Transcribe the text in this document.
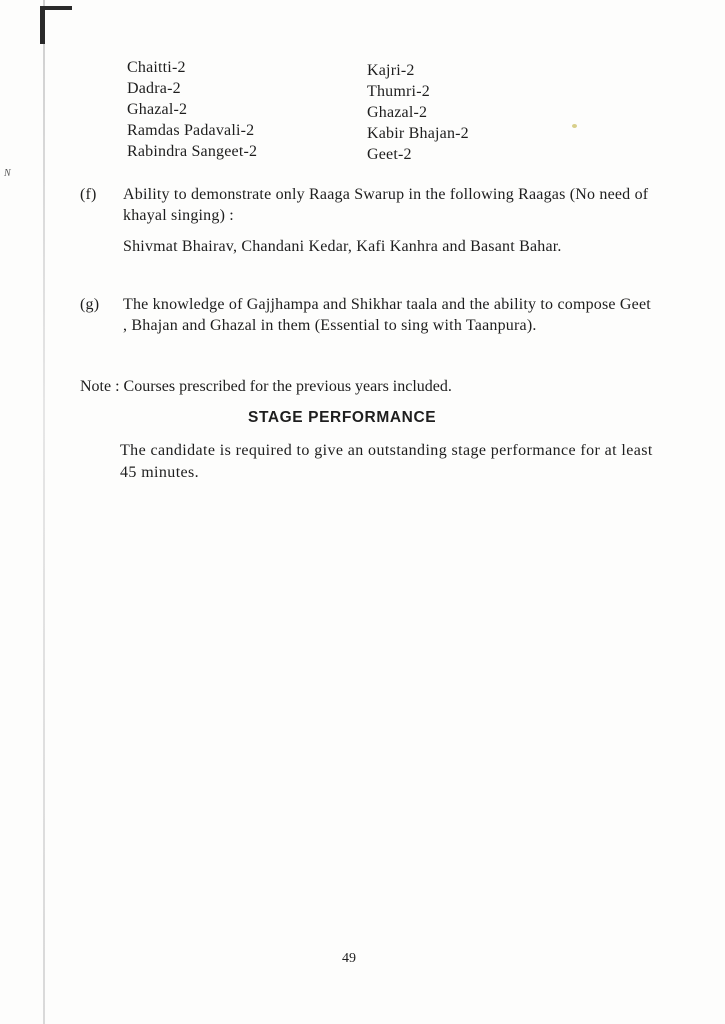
N
Chaitti-2
Dadra-2
Ghazal-2
Ramdas Padavali-2
Rabindra Sangeet-2
Kajri-2
Thumri-2
Ghazal-2
Kabir Bhajan-2
Geet-2
(f) Ability to demonstrate only Raaga Swarup in the following Raagas (No need of khayal singing) :

Shivmat Bhairav, Chandani Kedar, Kafi Kanhra and Basant Bahar.

(g) The knowledge of Gajjhampa and Shikhar taala and the ability to compose Geet , Bhajan and Ghazal in them (Essential to sing with Taanpura).

Note : Courses prescribed for the previous years included.
STAGE PERFORMANCE

The candidate is required to give an outstanding stage performance for at least 45 minutes.

49
